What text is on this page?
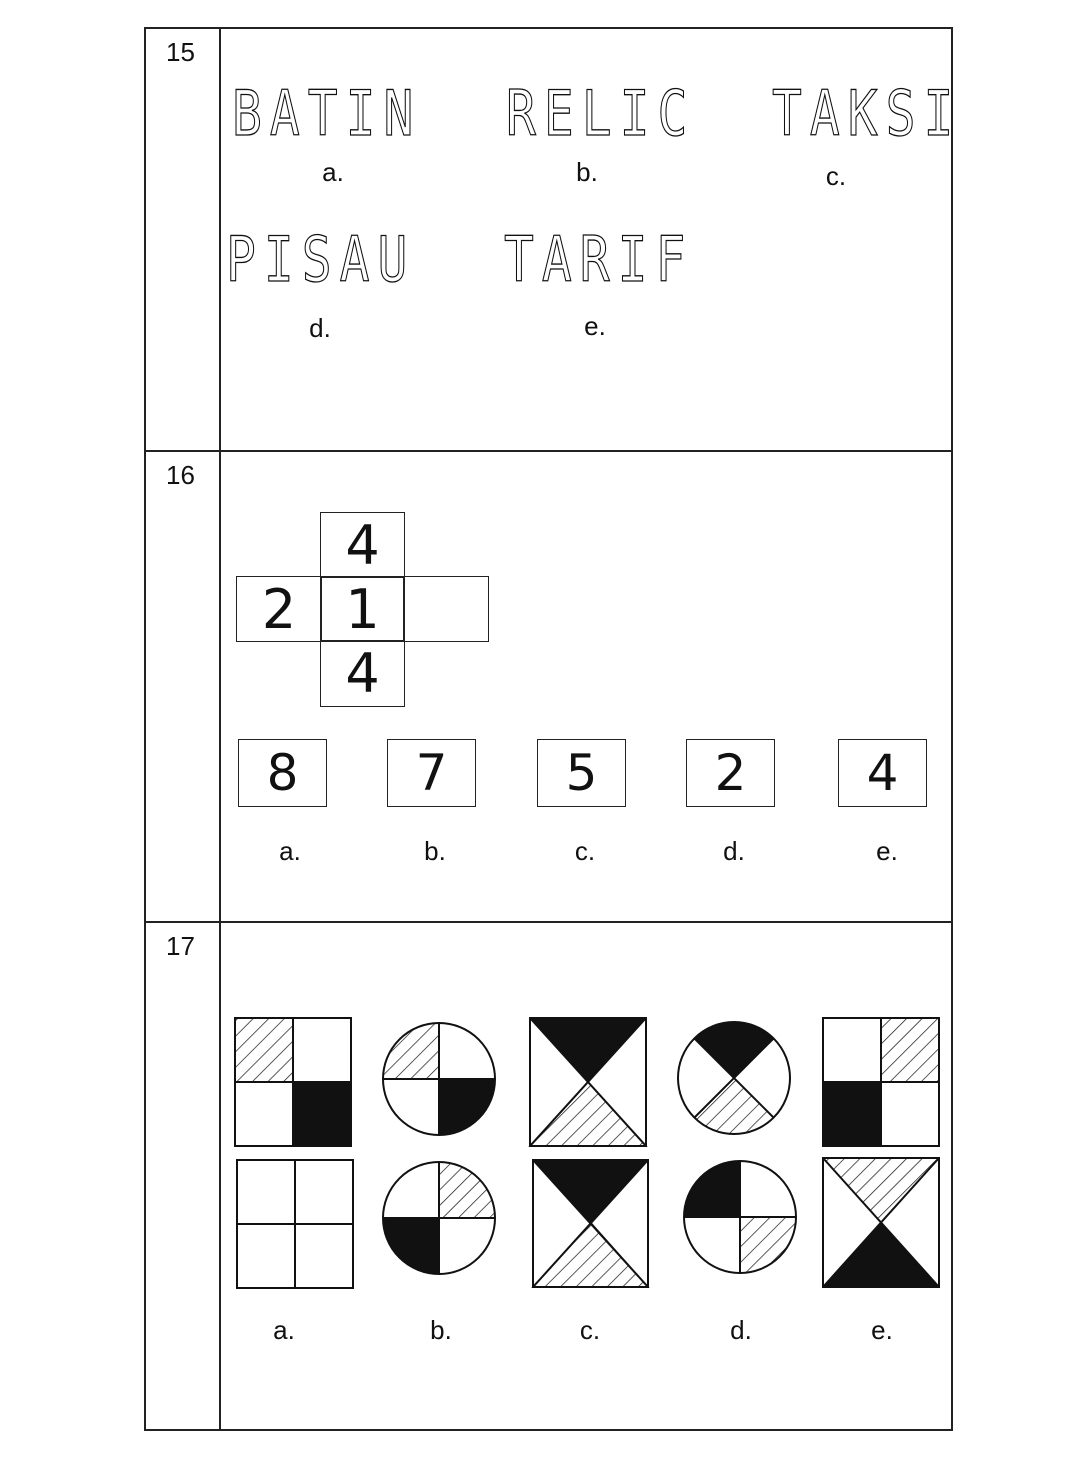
15
BATIN RELIC TAKSI
PISAU TARIF
a.	b.	c.
d.	e.
16
4
2 1
4
8	7	5	2	4
a.	b.	c.	d.	e.
17
a.	b.	c.	d.	e.
